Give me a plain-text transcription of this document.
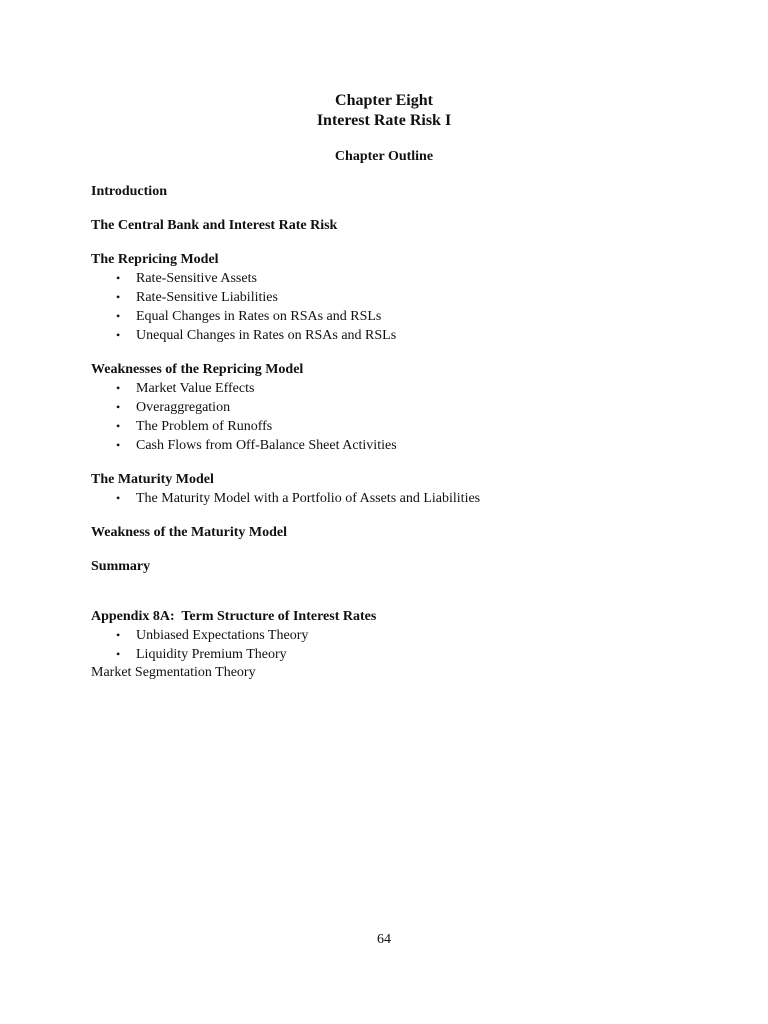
Chapter Eight
Interest Rate Risk I
Chapter Outline
Introduction
The Central Bank and Interest Rate Risk
The Repricing Model
• Rate-Sensitive Assets
• Rate-Sensitive Liabilities
• Equal Changes in Rates on RSAs and RSLs
• Unequal Changes in Rates on RSAs and RSLs
Weaknesses of the Repricing Model
• Market Value Effects
• Overaggregation
• The Problem of Runoffs
• Cash Flows from Off-Balance Sheet Activities
The Maturity Model
• The Maturity Model with a Portfolio of Assets and Liabilities
Weakness of the Maturity Model
Summary
Appendix 8A:  Term Structure of Interest Rates
• Unbiased Expectations Theory
• Liquidity Premium Theory
Market Segmentation Theory
64
